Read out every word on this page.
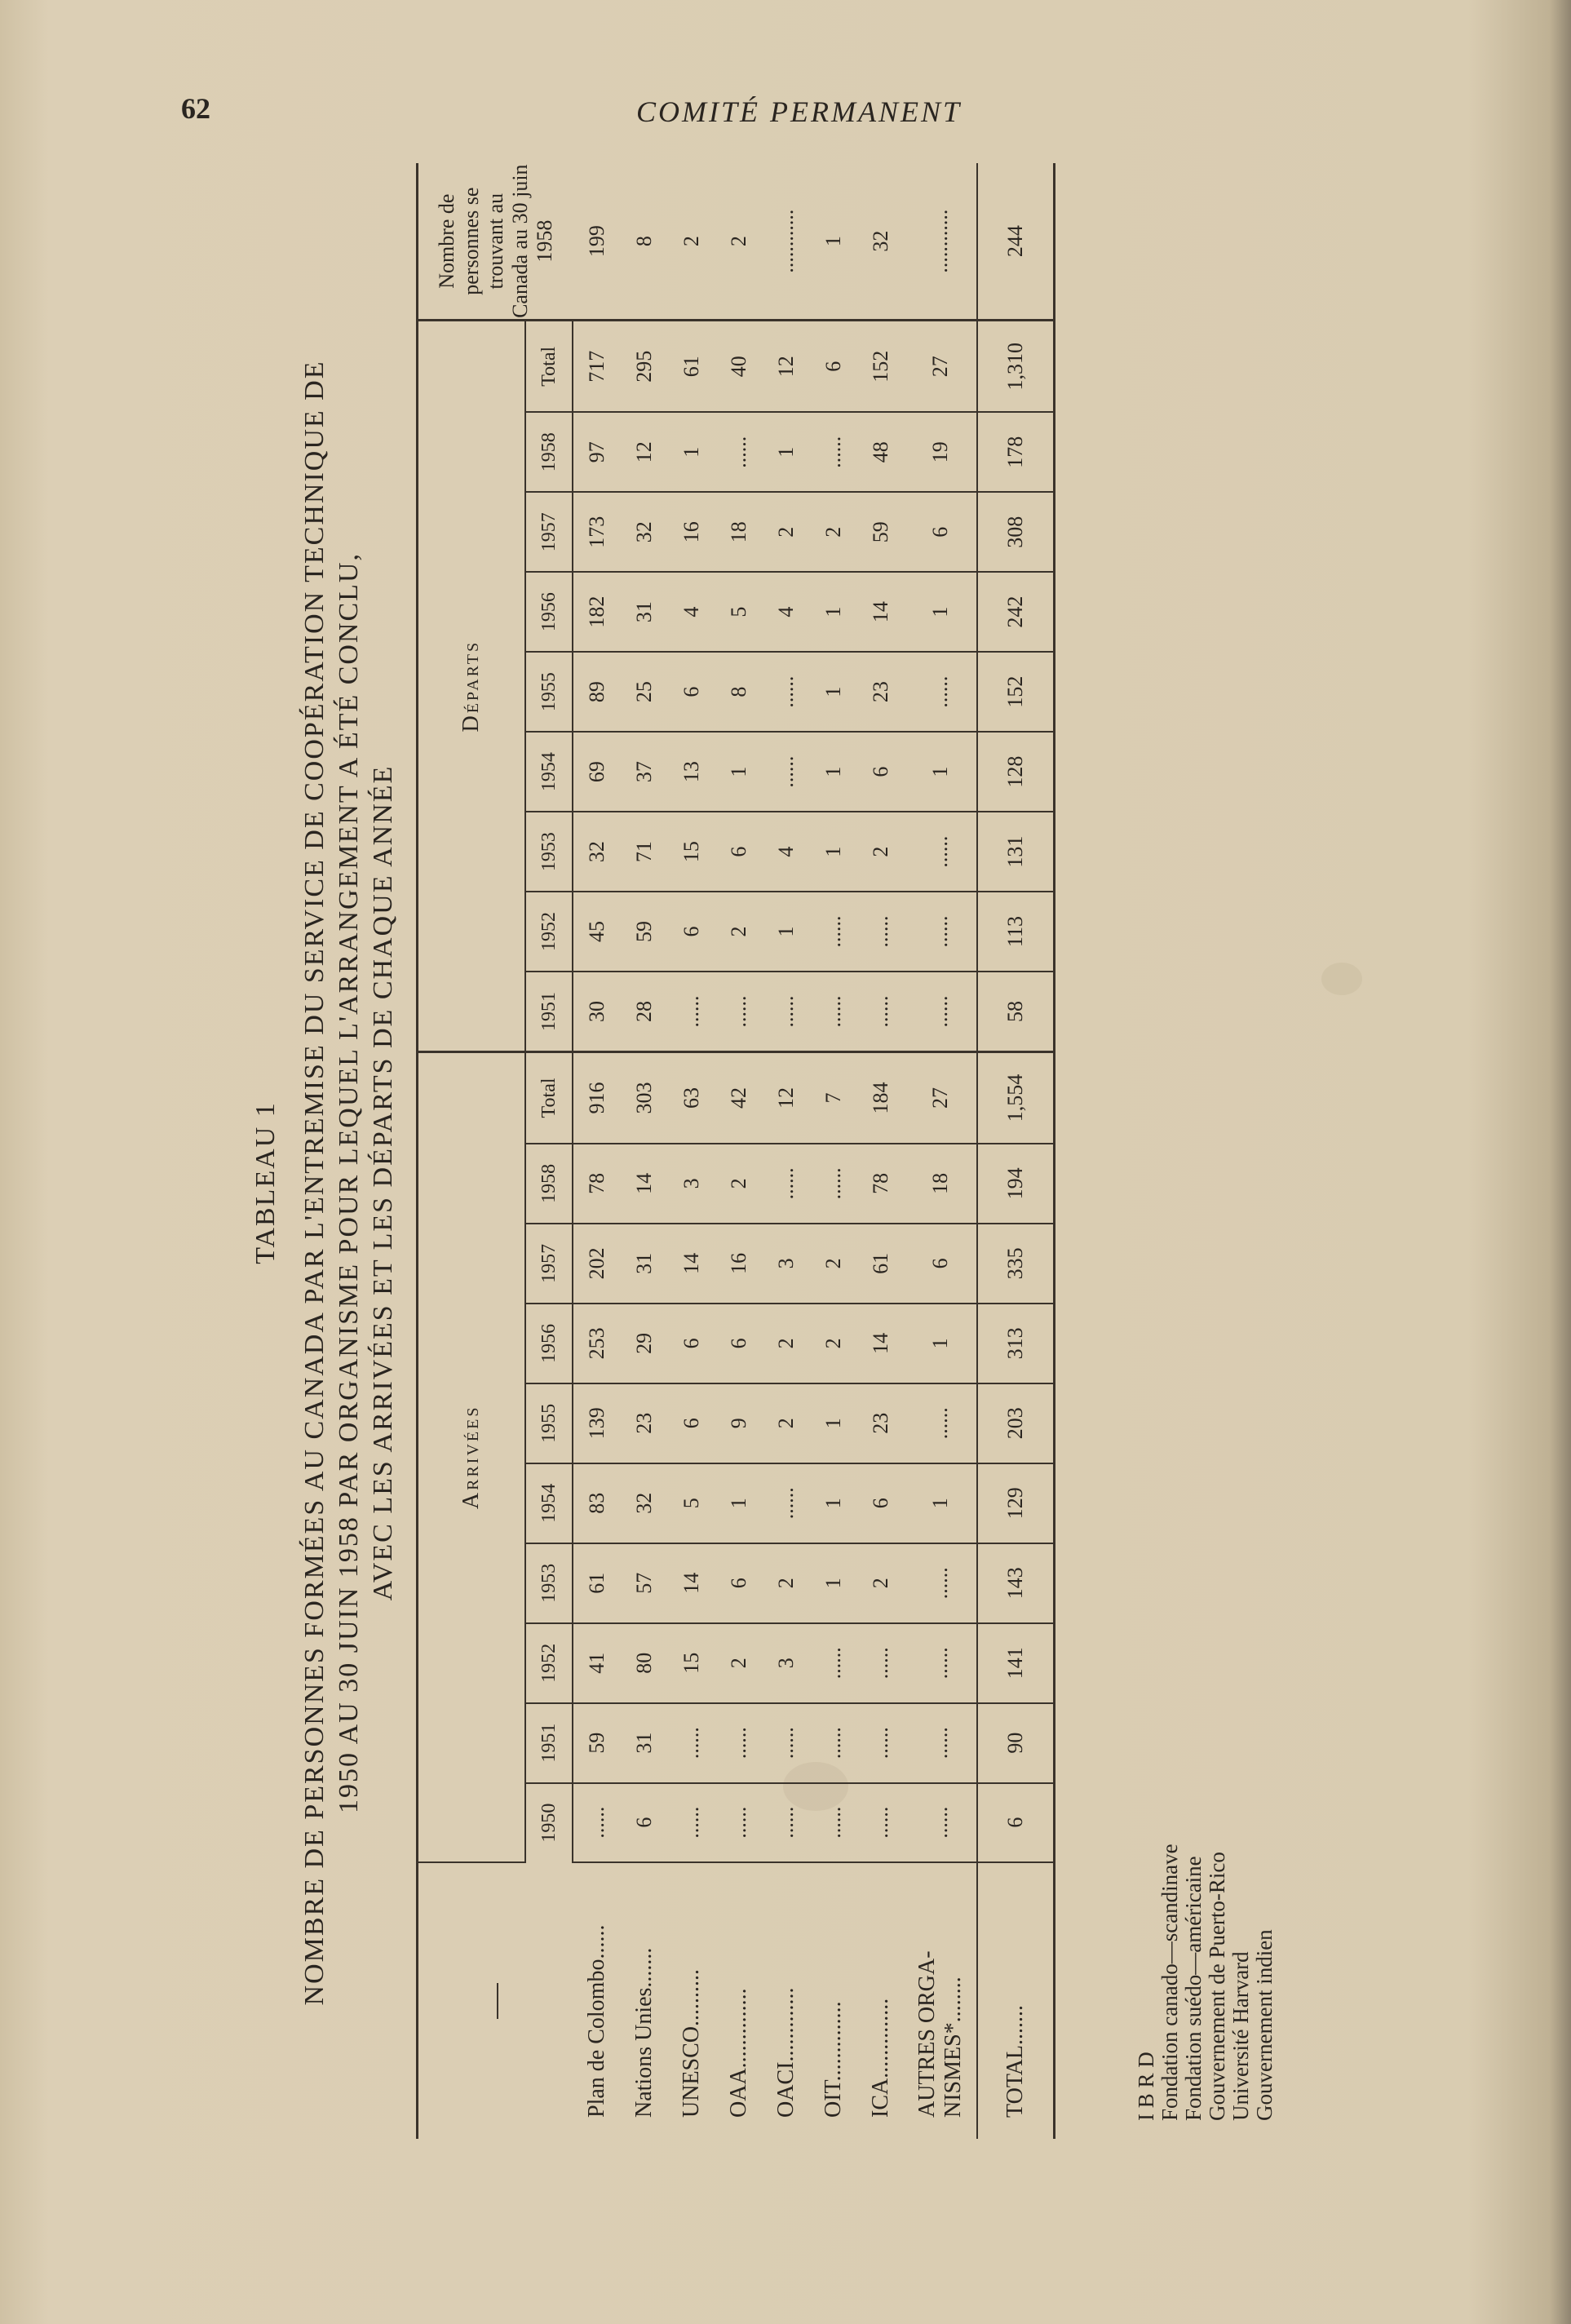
62	COMITÉ PERMANENT
TABLEAU 1 NOMBRE DE PERSONNES FORMÉES AU CANADA PAR L'ENTREMISE DU SERVICE DE COOPÉRATION TECHNIQUE DE 1950 AU 30 JUIN 1958 PAR ORGANISME POUR LEQUEL L'ARRANGEMENT A ÉTÉ CONCLU, AVEC LES ARRIVÉES ET LES DÉPARTS DE CHAQUE ANNÉE
		Arrivées										Départs									Nombre de personnes se trouvant au Canada au 30 juin 1958
	1950	1951	1952	1953	1954	1955	1956	1957	1958	Total	1951	1952	1953	1954	1955	1956	1957	1958	Total	
Plan de Colombo......	......	59	41	61	83	139	253	202	78	916	30	45	32	69	89	182	173	97	717	199
Nations Unies.......	6	31	80	57	32	23	29	31	14	303	28	59	71	37	25	31	32	12	295	8
UNESCO..........	......	......	15	14	5	6	6	14	3	63	......	6	15	13	6	4	16	1	61	2
OAA..............	......	......	2	6	1	9	6	16	2	42	......	2	6	1	8	5	18	......	40	2
OACI.............	......	......	3	2	......	2	2	3	......	12	......	1	4	......	......	4	2	1	12	............
OIT..............	......	......	......	1	1	1	2	2	......	7	......	......	1	1	1	1	2	......	6	1
ICA..............	......	......	......	2	6	23	14	61	78	184	......	......	2	6	23	14	59	48	152	32

AUTRES ORGA- NISMES*........	......	......	......	......	1	......	1	6	18	27	......	......	......	1	......	1	6	19	27	............
TOTAL.......	6	90	141	143	129	203	313	335	194	1,554	58	113	131	128	152	242	308	178	1,310	244
I B R D Fondation canado—scandinave Fondation suédo—américaine Gouvernement de Puerto-Rico Université Harvard Gouvernement indien
